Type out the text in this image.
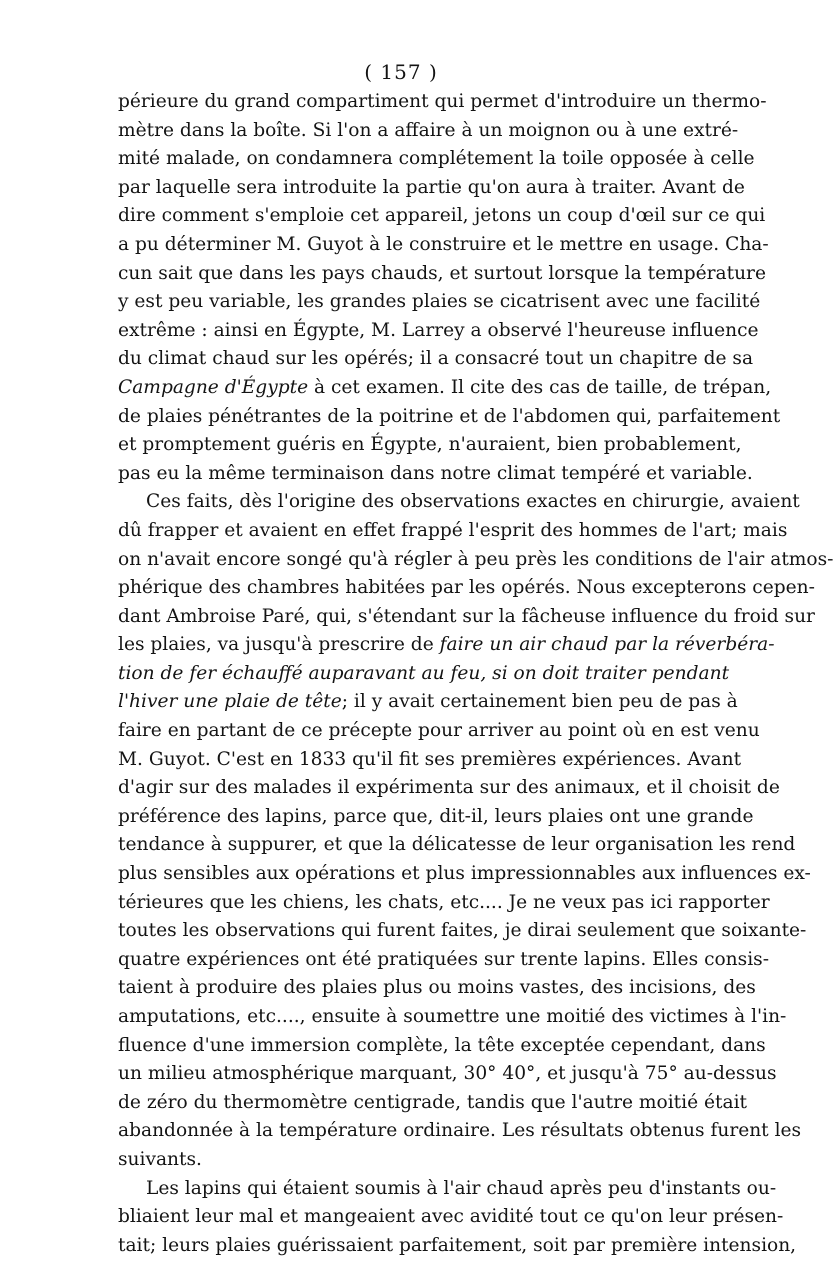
( 157 )
périeure du grand compartiment qui permet d'introduire un thermo-
mètre dans la boîte. Si l'on a affaire à un moignon ou à une extré-
mité malade, on condamnera complétement la toile opposée à celle
par laquelle sera introduite la partie qu'on aura à traiter. Avant de
dire comment s'emploie cet appareil, jetons un coup d'œil sur ce qui
a pu déterminer M. Guyot à le construire et le mettre en usage. Cha-
cun sait que dans les pays chauds, et surtout lorsque la température
y est peu variable, les grandes plaies se cicatrisent avec une facilité
extrême : ainsi en Égypte, M. Larrey a observé l'heureuse influence
du climat chaud sur les opérés; il a consacré tout un chapitre de sa
Campagne d'Égypte à cet examen. Il cite des cas de taille, de trépan,
de plaies pénétrantes de la poitrine et de l'abdomen qui, parfaitement
et promptement guéris en Égypte, n'auraient, bien probablement,
pas eu la même terminaison dans notre climat tempéré et variable.
Ces faits, dès l'origine des observations exactes en chirurgie, avaient
dû frapper et avaient en effet frappé l'esprit des hommes de l'art; mais
on n'avait encore songé qu'à régler à peu près les conditions de l'air atmos-
phérique des chambres habitées par les opérés. Nous excepterons cepen-
dant Ambroise Paré, qui, s'étendant sur la fâcheuse influence du froid sur
les plaies, va jusqu'à prescrire de faire un air chaud par la réverbéra-
tion de fer échauffé auparavant au feu, si on doit traiter pendant
l'hiver une plaie de tête; il y avait certainement bien peu de pas à
faire en partant de ce précepte pour arriver au point où en est venu
M. Guyot. C'est en 1833 qu'il fit ses premières expériences. Avant
d'agir sur des malades il expérimenta sur des animaux, et il choisit de
préférence des lapins, parce que, dit-il, leurs plaies ont une grande
tendance à suppurer, et que la délicatesse de leur organisation les rend
plus sensibles aux opérations et plus impressionnables aux influences ex-
térieures que les chiens, les chats, etc.... Je ne veux pas ici rapporter
toutes les observations qui furent faites, je dirai seulement que soixante-
quatre expériences ont été pratiquées sur trente lapins. Elles consis-
taient à produire des plaies plus ou moins vastes, des incisions, des
amputations, etc...., ensuite à soumettre une moitié des victimes à l'in-
fluence d'une immersion complète, la tête exceptée cependant, dans
un milieu atmosphérique marquant, 30° 40°, et jusqu'à 75° au-dessus
de zéro du thermomètre centigrade, tandis que l'autre moitié était
abandonnée à la température ordinaire. Les résultats obtenus furent les
suivants.
Les lapins qui étaient soumis à l'air chaud après peu d'instants ou-
bliaient leur mal et mangeaient avec avidité tout ce qu'on leur présen-
tait; leurs plaies guérissaient parfaitement, soit par première intension,
